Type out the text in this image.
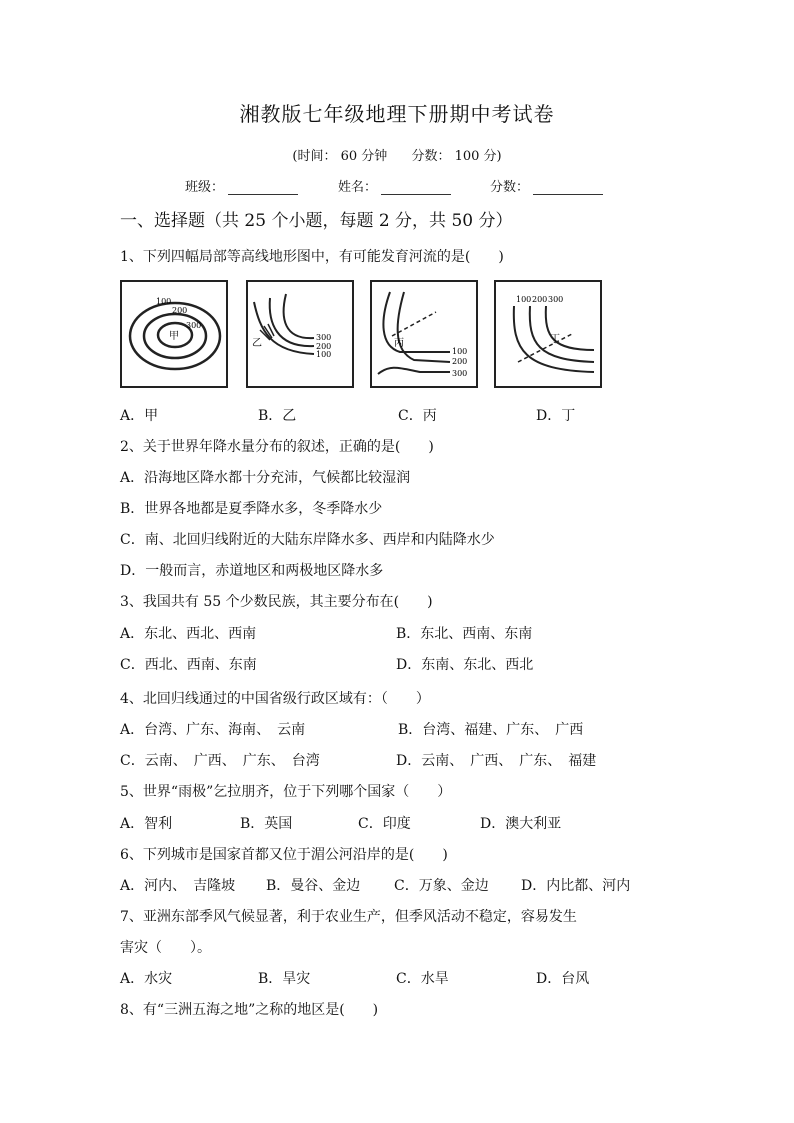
湘教版七年级地理下册期中考试卷
(时间： 60 分钟 分数： 100 分)
班级：	姓名：	分数：
一、选择题（共 25 个小题，每题 2 分，共 50 分）
1、下列四幅局部等高线地形图中，有可能发育河流的是(　　)
100
200
300
甲	300
200
100
乙
100
200
300
丙
100 200 300
丁
A．甲	B．乙	C．丙	D．丁
2、关于世界年降水量分布的叙述，正确的是(　　)
A．沿海地区降水都十分充沛，气候都比较湿润
B．世界各地都是夏季降水多，冬季降水少
C．南、北回归线附近的大陆东岸降水多、西岸和内陆降水少
D．一般而言，赤道地区和两极地区降水多
3、我国共有 55 个少数民族，其主要分布在(　　)
A．东北、西北、西南	B．东北、西南、东南
C．西北、西南、东南	D．东南、东北、西北
4、北回归线通过的中国省级行政区域有：（　　）
A．台湾、广东、海南、　云南	B．台湾、福建、广东、　广西
C．云南、　广西、　广东、　台湾	D．云南、　广西、　广东、　福建
5、世界“雨极”乞拉朋齐，位于下列哪个国家（　　）
A．智利	B．英国	C．印度	D．澳大利亚
6、下列城市是国家首都又位于湄公河沿岸的是(　　)
A．河内、　吉隆坡 B．曼谷、金边 C．万象、金边 D．内比都、河内
7、亚洲东部季风气候显著，利于农业生产，但季风活动不稳定，容易发生
害灾（　　）。
A．水灾	B．旱灾	C．水旱	D．台风
8、有“三洲五海之地”之称的地区是(　　)
